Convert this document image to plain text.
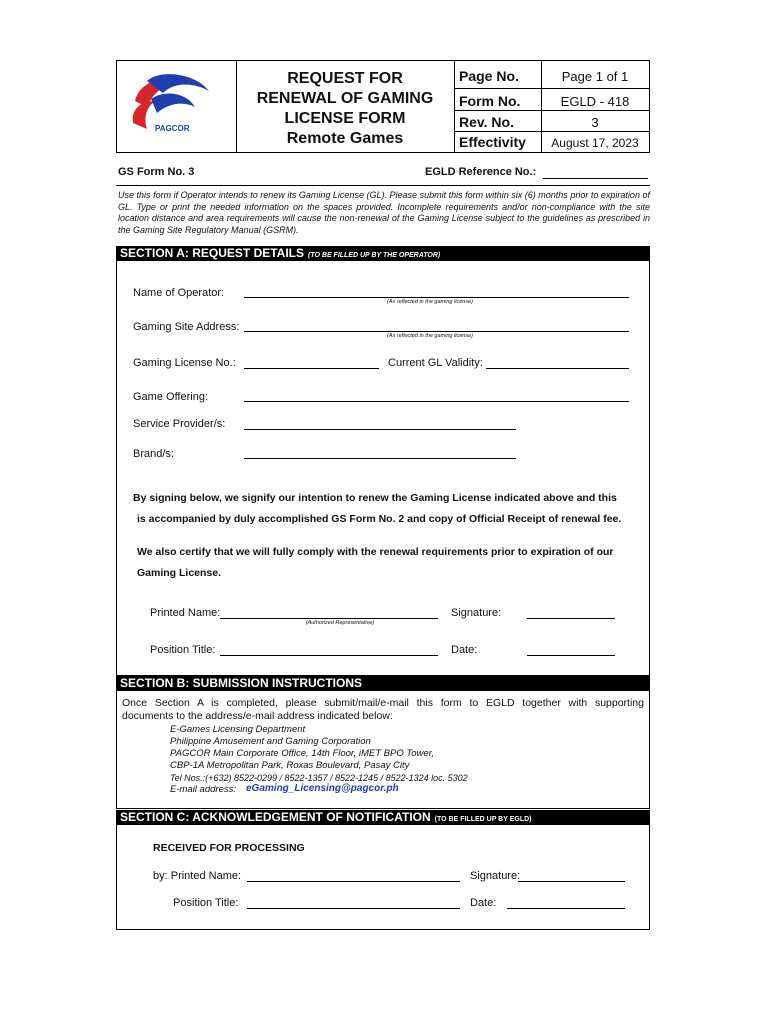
PAGCOR
REQUEST FOR
RENEWAL OF GAMING
LICENSE FORM
Remote Games
Page No.	Page 1 of 1
Form No.	EGLD - 418
Rev. No.	3
Effectivity	August 17, 2023
GS Form No. 3	EGLD Reference No.:
Use this form if Operator intends to renew its Gaming License (GL). Please submit this form within six (6) months prior to expiration of GL. Type or print the needed information on the spaces provided. Incomplete requirements and/or non-compliance with the site location distance and area requirements will cause the non-renewal of the Gaming License subject to the guidelines as prescribed in the Gaming Site Regulatory Manual (GSRM).
SECTION A: REQUEST DETAILS (TO BE FILLED UP BY THE OPERATOR)
Name of Operator:
(As reflected in the gaming license)
Gaming Site Address:
(As reflected in the gaming license)
Gaming License No.:	Current GL Validity:
Game Offering:
Service Provider/s:
Brand/s:
By signing below, we signify our intention to renew the Gaming License indicated above and this
is accompanied by duly accomplished GS Form No. 2 and copy of Official Receipt of renewal fee.
We also certify that we will fully comply with the renewal requirements prior to expiration of our
Gaming License.
Printed Name:
(Authorized Representative)
Signature:
Position Title:	Date:
SECTION B: SUBMISSION INSTRUCTIONS
Once Section A is completed, please submit/mail/e-mail this form to EGLD together with supporting
documents to the address/e-mail address indicated below:
E-Games Licensing Department
Philippine Amusement and Gaming Corporation
PAGCOR Main Corporate Office, 14th Floor, iMET BPO Tower,
CBP-1A Metropolitan Park, Roxas Boulevard, Pasay City
Tel Nos.:(+632) 8522-0299 / 8522-1357 / 8522-1245 / 8522-1324 loc. 5302
E-mail address: eGaming_Licensing@pagcor.ph
SECTION C: ACKNOWLEDGEMENT OF NOTIFICATION (TO BE FILLED UP BY EGLD)
RECEIVED FOR PROCESSING
by: Printed Name:	Signature:
Position Title:	Date:
